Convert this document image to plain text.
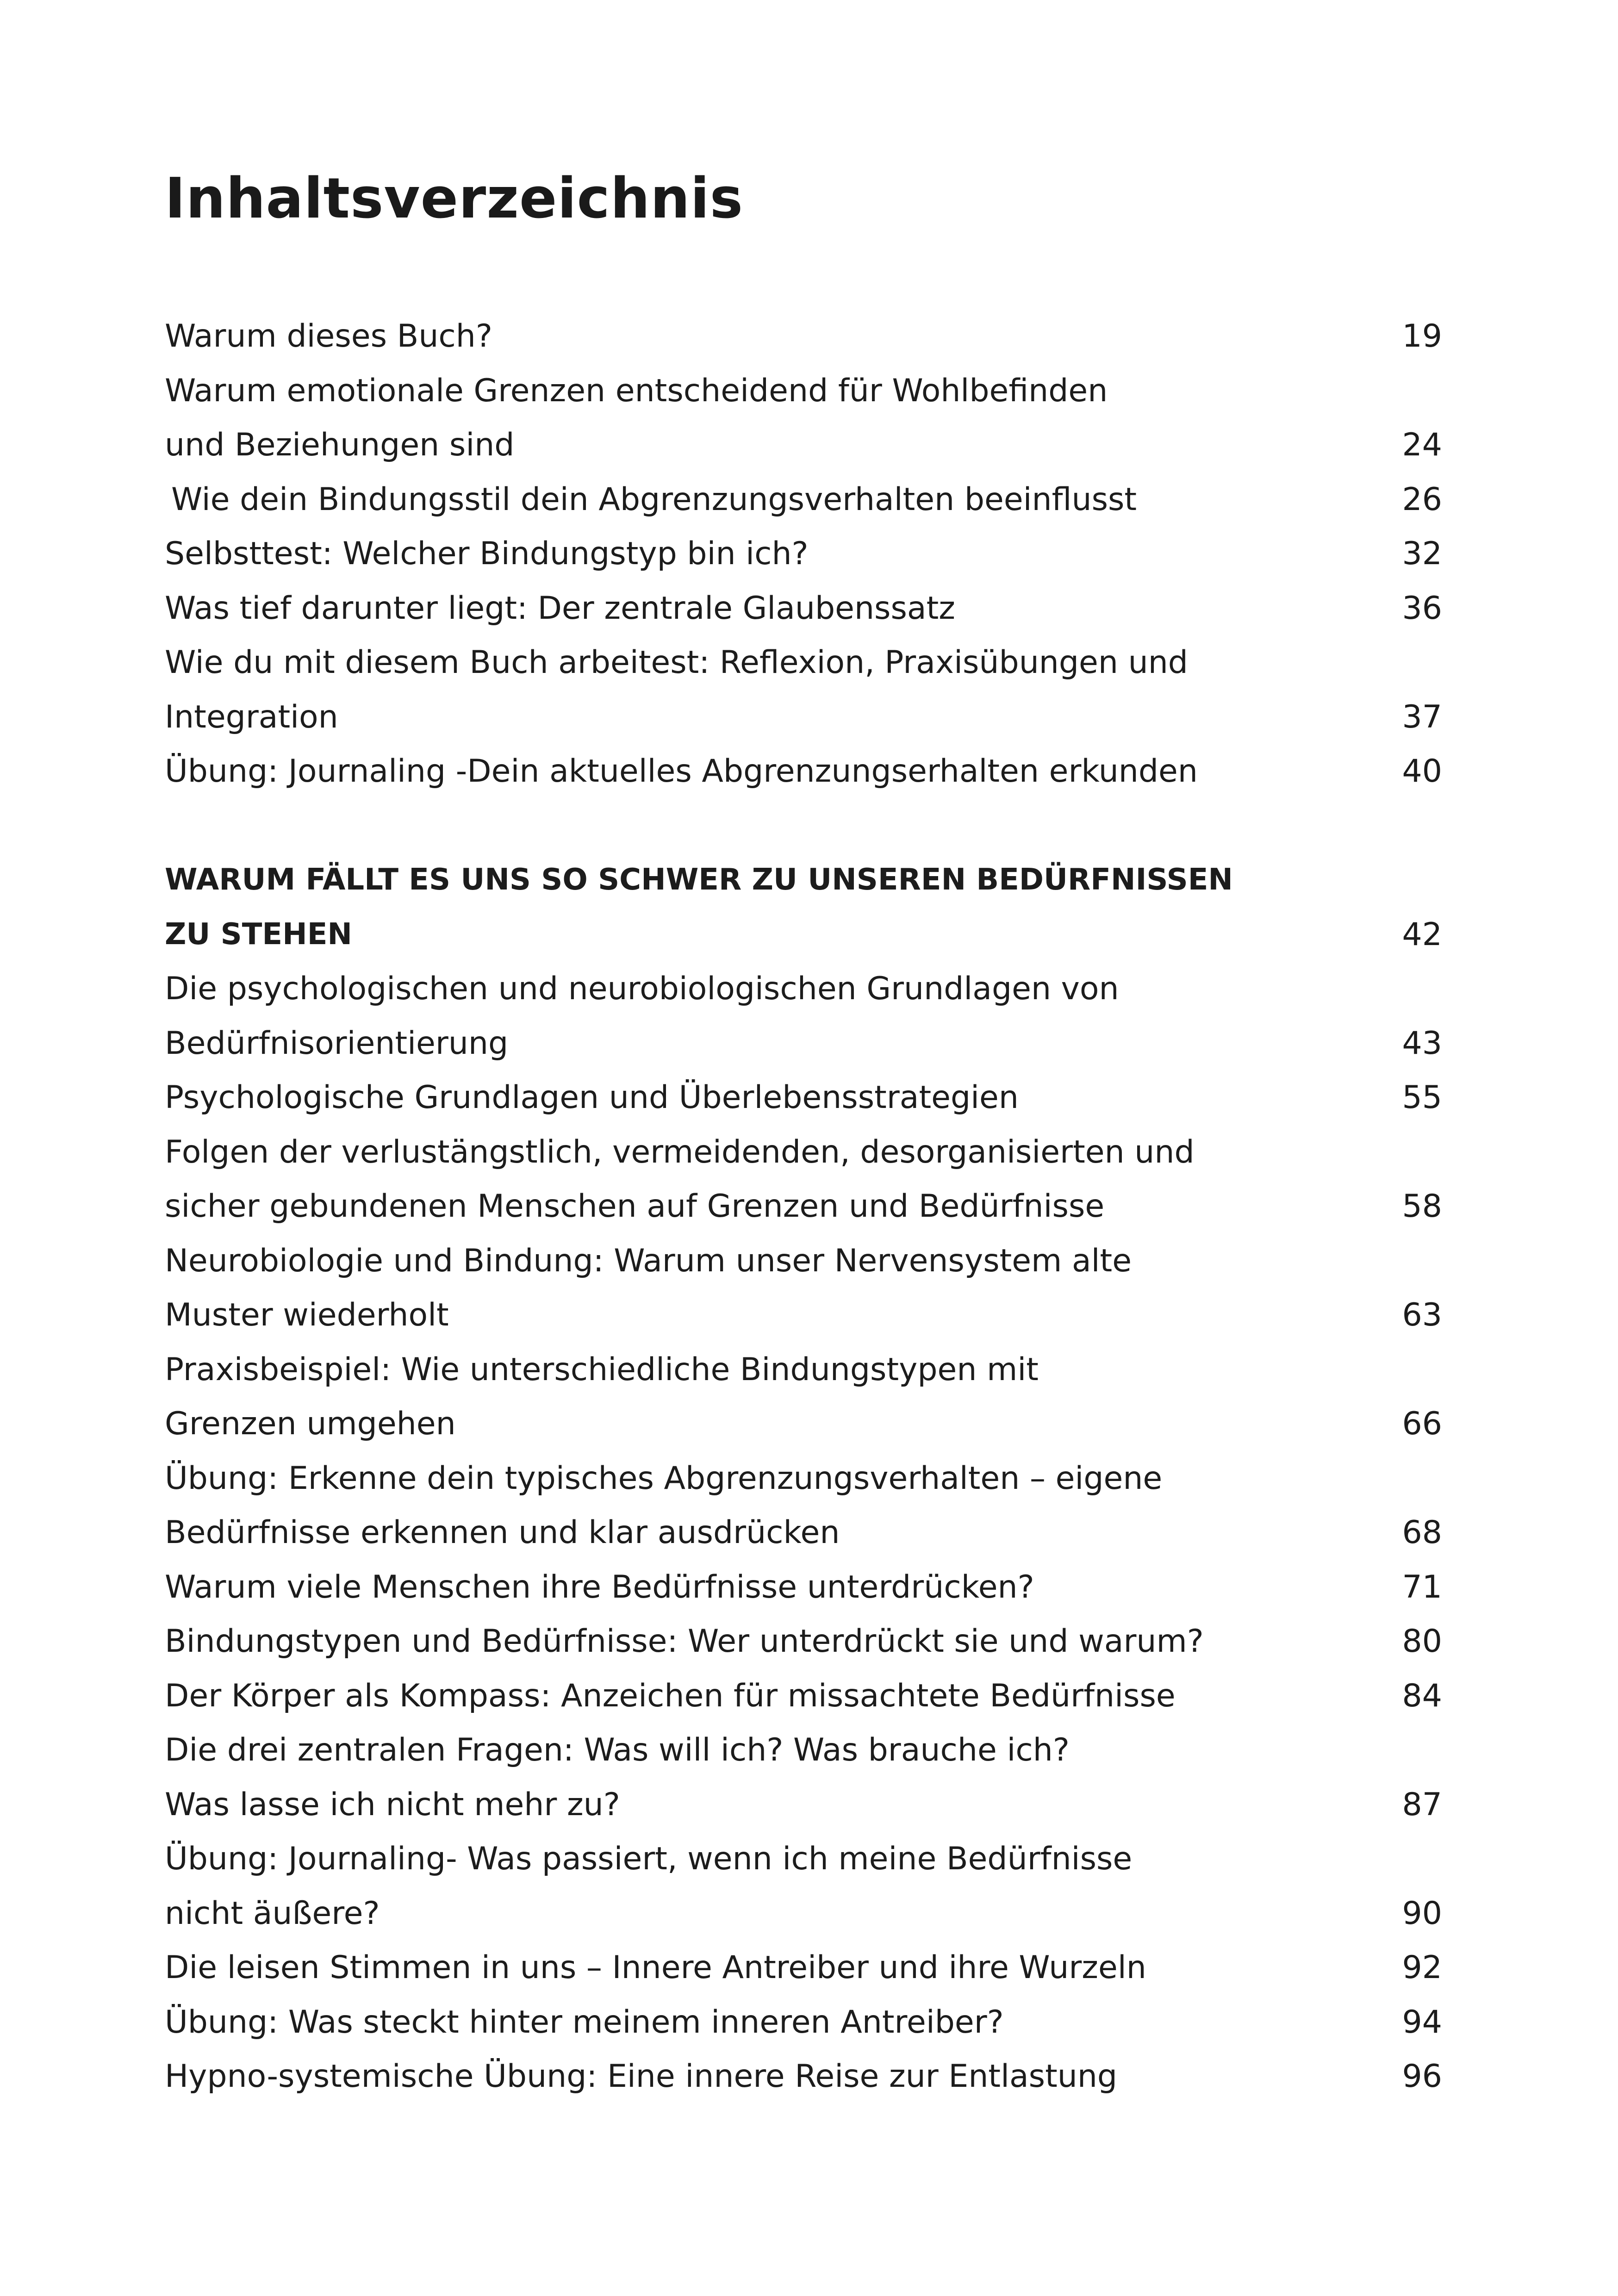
Inhaltsverzeichnis
Warum dieses Buch?	19
Warum emotionale Grenzen entscheidend für Wohlbefinden
und Beziehungen sind	24
Wie dein Bindungsstil dein Abgrenzungsverhalten beeinflusst	26
Selbsttest: Welcher Bindungstyp bin ich?	32
Was tief darunter liegt: Der zentrale Glaubenssatz	36
Wie du mit diesem Buch arbeitest: Reflexion, Praxisübungen und
Integration	37
Übung: Journaling -Dein aktuelles Abgrenzungserhalten erkunden	40
WARUM FÄLLT ES UNS SO SCHWER ZU UNSEREN BEDÜRFNISSEN
ZU STEHEN	42
Die psychologischen und neurobiologischen Grundlagen von
Bedürfnisorientierung	43
Psychologische Grundlagen und Überlebensstrategien	55
Folgen der verlustängstlich, vermeidenden, desorganisierten und
sicher gebundenen Menschen auf Grenzen und Bedürfnisse	58
Neurobiologie und Bindung: Warum unser Nervensystem alte
Muster wiederholt	63
Praxisbeispiel: Wie unterschiedliche Bindungstypen mit
Grenzen umgehen	66
Übung: Erkenne dein typisches Abgrenzungsverhalten – eigene
Bedürfnisse erkennen und klar ausdrücken	68
Warum viele Menschen ihre Bedürfnisse unterdrücken?	71
Bindungstypen und Bedürfnisse: Wer unterdrückt sie und warum?	80
Der Körper als Kompass: Anzeichen für missachtete Bedürfnisse	84
Die drei zentralen Fragen: Was will ich? Was brauche ich?
Was lasse ich nicht mehr zu?	87
Übung: Journaling- Was passiert, wenn ich meine Bedürfnisse
nicht äußere?	90
Die leisen Stimmen in uns – Innere Antreiber und ihre Wurzeln	92
Übung: Was steckt hinter meinem inneren Antreiber?	94
Hypno-systemische Übung: Eine innere Reise zur Entlastung	96
